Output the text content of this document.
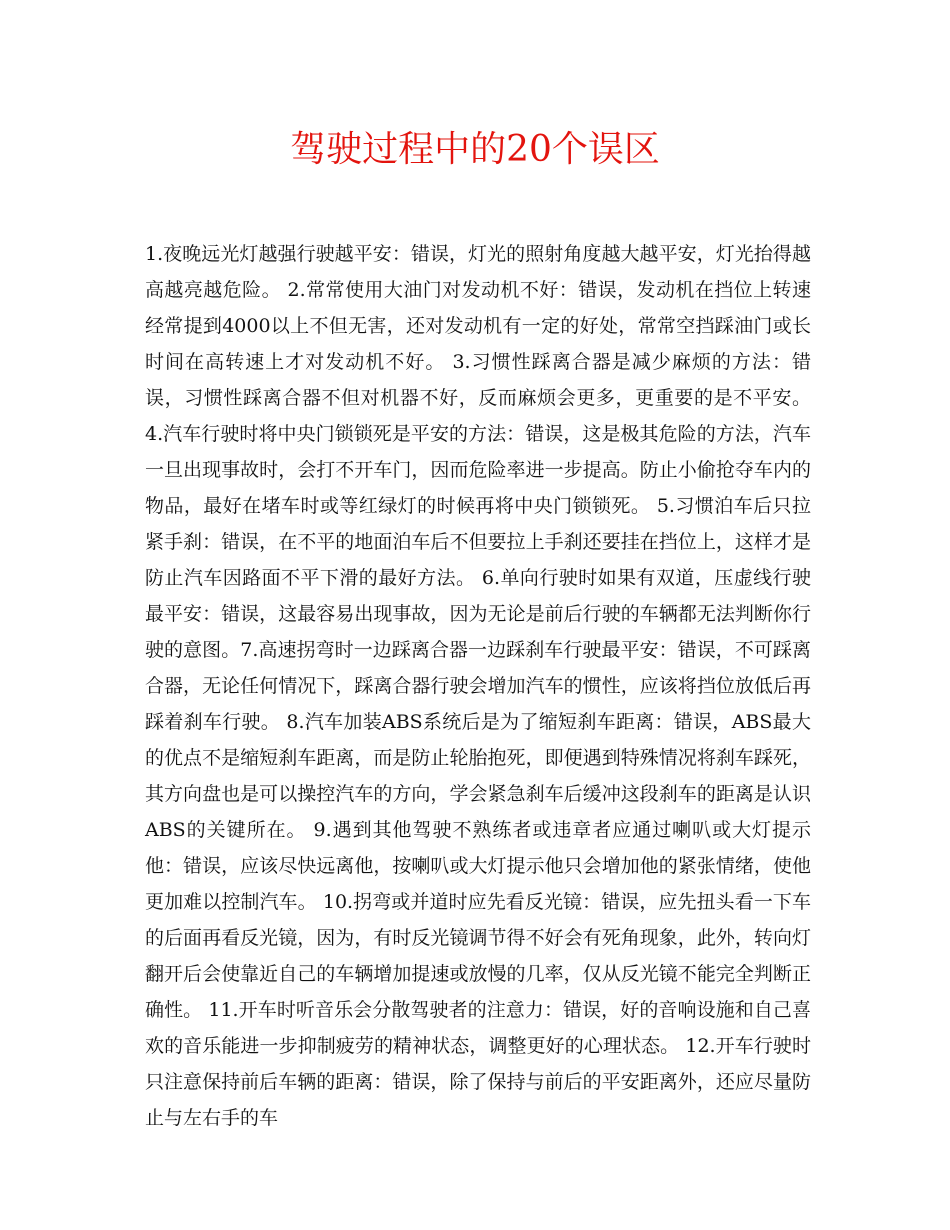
驾驶过程中的20个误区

1.夜晚远光灯越强行驶越平安：错误，灯光的照射角度越大越平安，灯光抬得越高越亮越危险。 2.常常使用大油门对发动机不好：错误，发动机在挡位上转速经常提到4000以上不但无害，还对发动机有一定的好处，常常空挡踩油门或长时间在高转速上才对发动机不好。 3.习惯性踩离合器是减少麻烦的方法：错误，习惯性踩离合器不但对机器不好，反而麻烦会更多，更重要的是不平安。 4.汽车行驶时将中央门锁锁死是平安的方法：错误，这是极其危险的方法，汽车一旦出现事故时，会打不开车门，因而危险率进一步提高。防止小偷抢夺车内的物品，最好在堵车时或等红绿灯的时候再将中央门锁锁死。 5.习惯泊车后只拉紧手刹：错误，在不平的地面泊车后不但要拉上手刹还要挂在挡位上，这样才是防止汽车因路面不平下滑的最好方法。 6.单向行驶时如果有双道，压虚线行驶最平安：错误，这最容易出现事故，因为无论是前后行驶的车辆都无法判断你行驶的意图。7.高速拐弯时一边踩离合器一边踩刹车行驶最平安：错误，不可踩离合器，无论任何情况下，踩离合器行驶会增加汽车的惯性，应该将挡位放低后再踩着刹车行驶。 8.汽车加装ABS系统后是为了缩短刹车距离：错误，ABS最大的优点不是缩短刹车距离，而是防止轮胎抱死，即便遇到特殊情况将刹车踩死，其方向盘也是可以操控汽车的方向，学会紧急刹车后缓冲这段刹车的距离是认识ABS的关键所在。 9.遇到其他驾驶不熟练者或违章者应通过喇叭或大灯提示他：错误，应该尽快远离他，按喇叭或大灯提示他只会增加他的紧张情绪，使他更加难以控制汽车。 10.拐弯或并道时应先看反光镜：错误，应先扭头看一下车的后面再看反光镜，因为，有时反光镜调节得不好会有死角现象，此外，转向灯翻开后会使靠近自己的车辆增加提速或放慢的几率，仅从反光镜不能完全判断正确性。 11.开车时听音乐会分散驾驶者的注意力：错误，好的音响设施和自己喜欢的音乐能进一步抑制疲劳的精神状态，调整更好的心理状态。 12.开车行驶时只注意保持前后车辆的距离：错误，除了保持与前后的平安距离外，还应尽量防止与左右手的车
